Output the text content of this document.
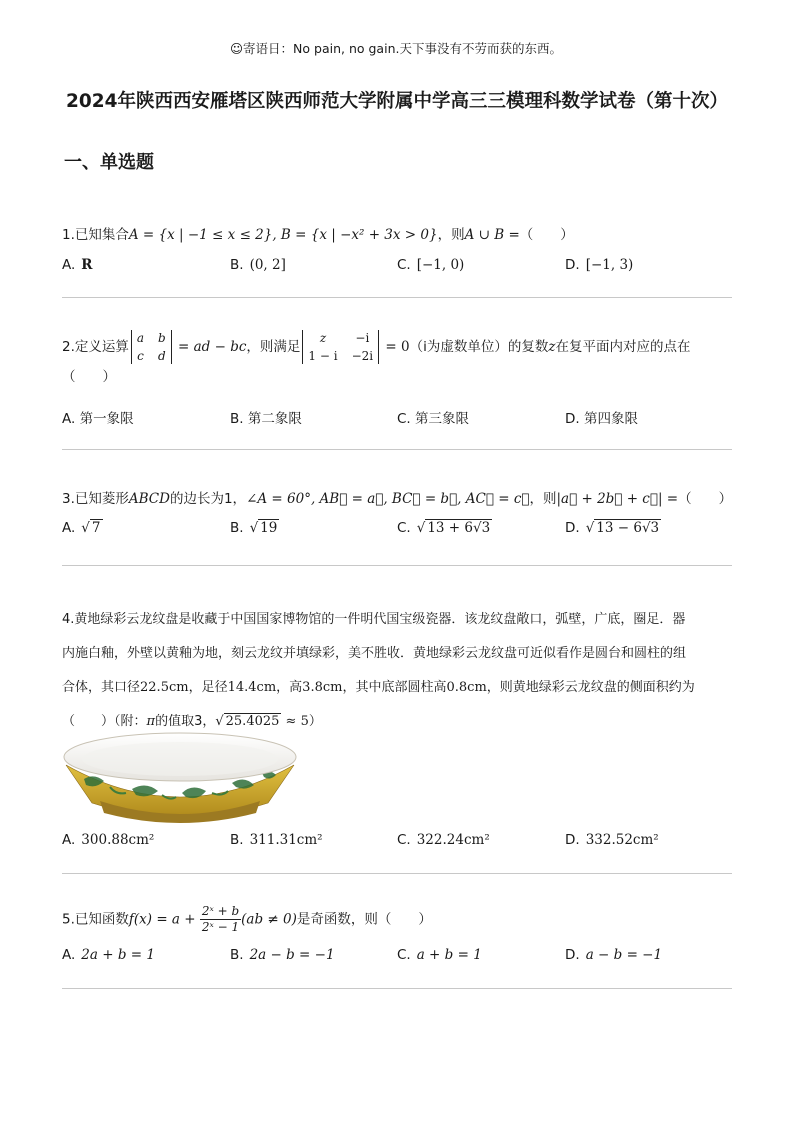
☺寄语日：No pain, no gain.天下事没有不劳而获的东西。
2024年陕西西安雁塔区陕西师范大学附属中学高三三模理科数学试卷（第十次）
一、单选题
1.已知集合A = {x | −1 ≤ x ≤ 2}, B = {x | −x² + 3x > 0}，则A ∪ B =（　　）
A. R	B. (0, 2]	C. [−1, 0)	D. [−1, 3)
2.定义运算
a b
c d
= ad − bc，则满足
z	−i
1 − i −2i
= 0（i为虚数单位）的复数z在复平面内对应的点在
（　　）
A. 第一象限	B. 第二象限	C. 第三象限	D. 第四象限
3.已知菱形ABCD的边长为1，∠A = 60°, AB⃗ = a⃗, BC⃗ = b⃗, AC⃗ = c⃗，则|a⃗ + 2b⃗ + c⃗| =（　　）
A. √ 7	B. √ 19	C. √ 13 + 6√3	D. √ 13 − 6√3
4.黄地绿彩云龙纹盘是收藏于中国国家博物馆的一件明代国宝级瓷器．该龙纹盘敞口，弧壁，广底，圈足．器
内施白釉，外壁以黄釉为地，刻云龙纹并填绿彩，美不胜收．黄地绿彩云龙纹盘可近似看作是圆台和圆柱的组
合体，其口径22.5cm，足径14.4cm，高3.8cm，其中底部圆柱高0.8cm，则黄地绿彩云龙纹盘的侧面积约为
（　　）（附：π的值取3，√ 25.4025 ≈ 5）
A. 300.88cm²	B. 311.31cm²	C. 322.24cm²	D. 332.52cm²
5.已知函数$f(x) = a + \frac{\text{2ˣ + b}}{\text{2ˣ − 1}} (ab \ne 0)$是奇函数，则（　　）
A. 2a + b = 1	B. 2a − b = −1	C. a + b = 1	D. a − b = −1
